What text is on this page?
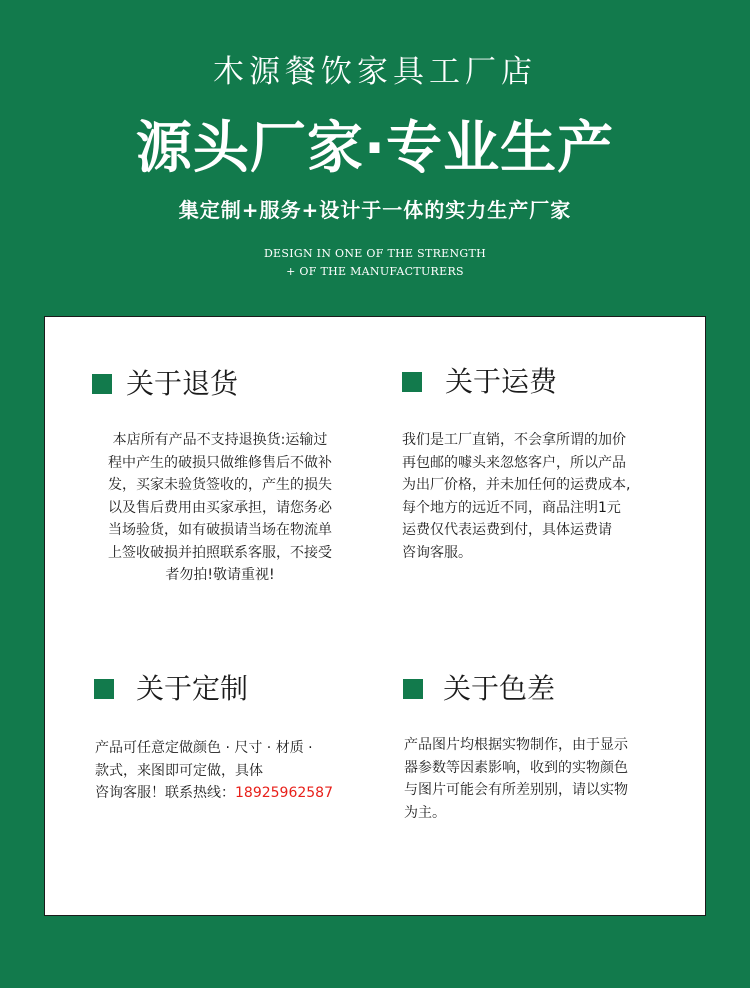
木源餐饮家具工厂店
源头厂家·专业生产
集定制+服务+设计于一体的实力生产厂家
DESIGN IN ONE OF THE STRENGTH
+ OF THE MANUFACTURERS
关于退货
本店所有产品不支持退换货:运输过
程中产生的破损只做维修售后不做补
发，买家未验货签收的，产生的损失
以及售后费用由买家承担，请您务必
当场验货，如有破损请当场在物流单
上签收破损并拍照联系客服，不接受
者勿拍!敬请重视!
关于运费
我们是工厂直销，不会拿所谓的加价
再包邮的噱头来忽悠客户，所以产品
为出厂价格，并未加任何的运费成本,
每个地方的远近不同，商品注明1元
运费仅代表运费到付，具体运费请
咨询客服。
关于定制
产品可任意定做颜色 · 尺寸 · 材质 ·
款式，来图即可定做，具体
咨询客服！联系热线：18925962587
关于色差
产品图片均根据实物制作，由于显示
器参数等因素影响，收到的实物颜色
与图片可能会有所差别别，请以实物
为主。
